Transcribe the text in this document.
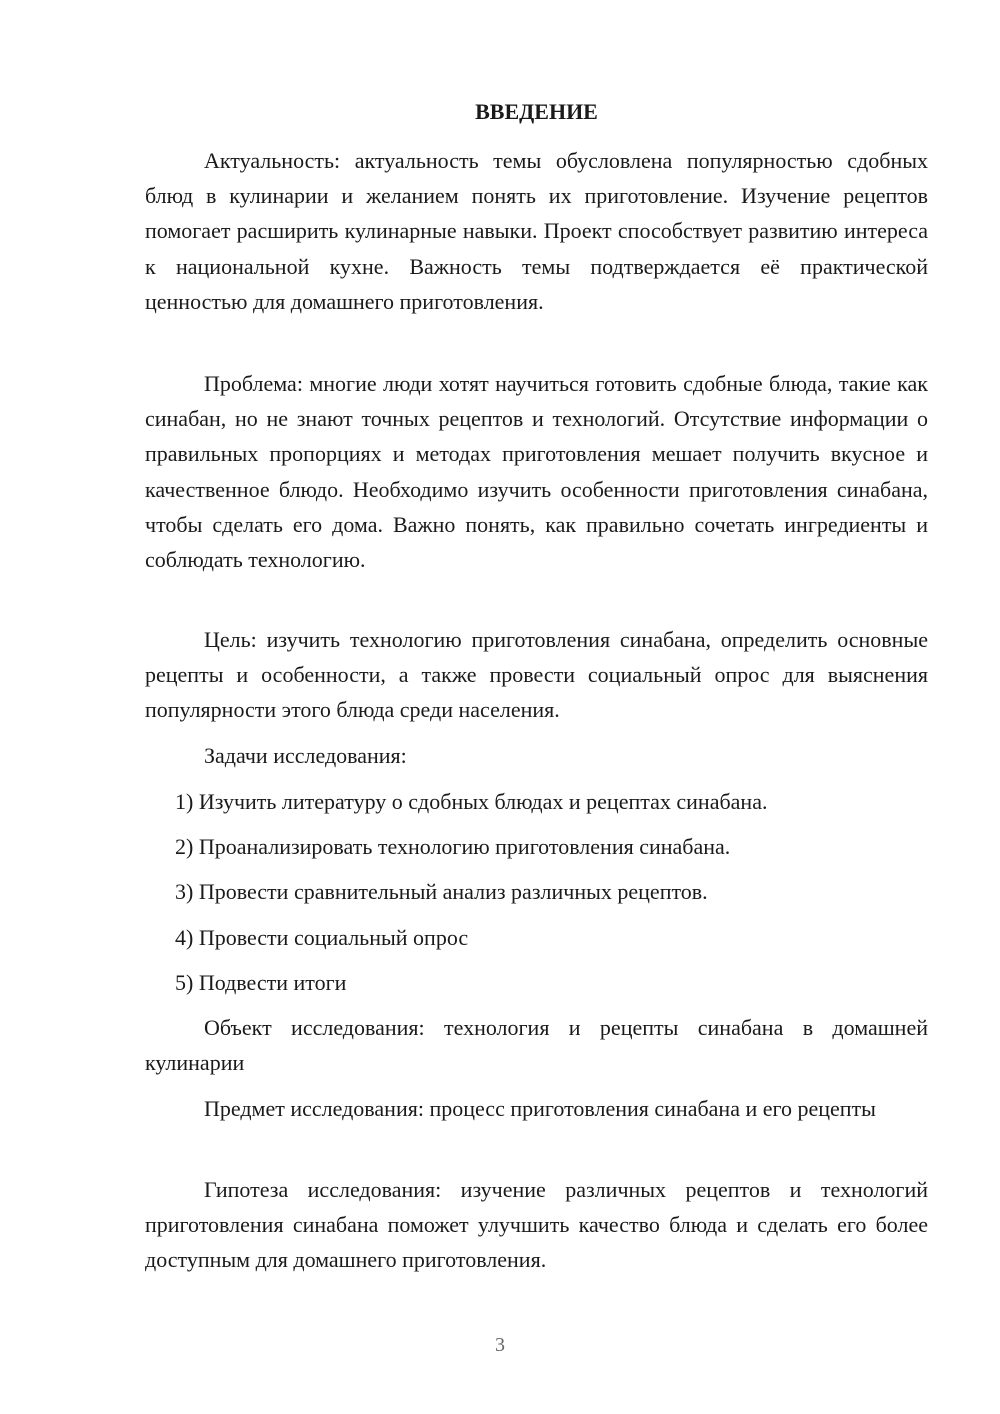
ВВЕДЕНИЕ

Актуальность: актуальность темы обусловлена популярностью сдобных блюд в кулинарии и желанием понять их приготовление. Изучение рецептов помогает расширить кулинарные навыки. Проект способствует развитию интереса к национальной кухне. Важность темы подтверждается её практической ценностью для домашнего приготовления.

Проблема: многие люди хотят научиться готовить сдобные блюда, такие как синабан, но не знают точных рецептов и технологий. Отсутствие информации о правильных пропорциях и методах приготовления мешает получить вкусное и качественное блюдо. Необходимо изучить особенности приготовления синабана, чтобы сделать его дома. Важно понять, как правильно сочетать ингредиенты и соблюдать технологию.

Цель: изучить технологию приготовления синабана, определить основные рецепты и особенности, а также провести социальный опрос для выяснения популярности этого блюда среди населения.

Задачи исследования:

1) Изучить литературу о сдобных блюдах и рецептах синабана.

2) Проанализировать технологию приготовления синабана.

3) Провести сравнительный анализ различных рецептов.

4) Провести социальный опрос

5) Подвести итоги

Объект исследования: технология и рецепты синабана в домашней кулинарии

Предмет исследования: процесс приготовления синабана и его рецепты

Гипотеза исследования: изучение различных рецептов и технологий приготовления синабана поможет улучшить качество блюда и сделать его более доступным для домашнего приготовления.

3
